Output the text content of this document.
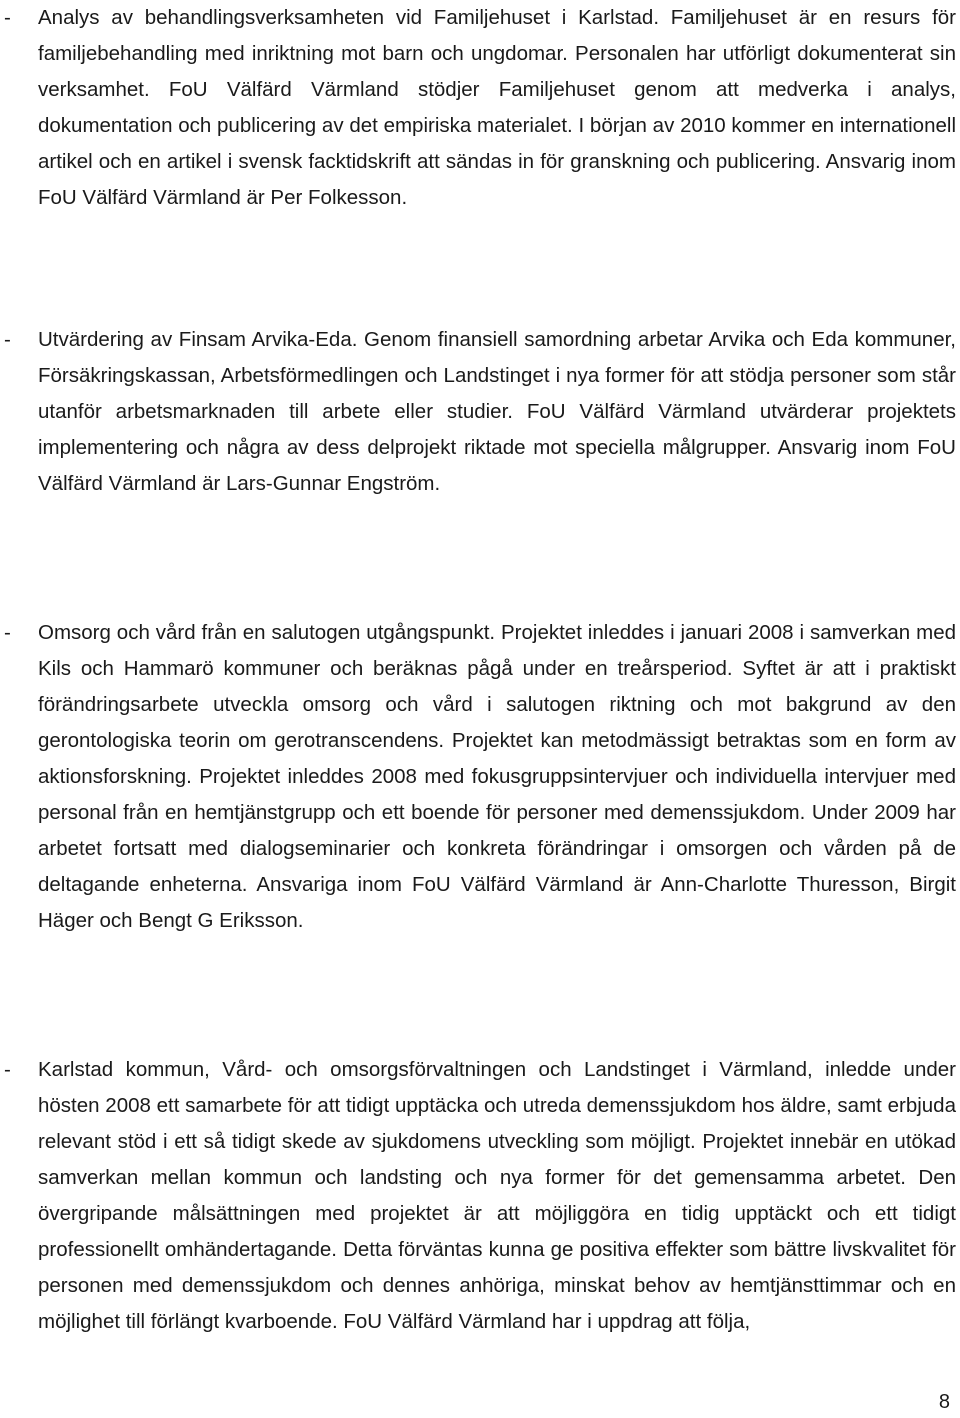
- Analys av behandlingsverksamheten vid Familjehuset i Karlstad. Familjehuset är en resurs för familjebehandling med inriktning mot barn och ungdomar. Personalen har utförligt dokumenterat sin verksamhet. FoU Välfärd Värmland stödjer Familjehuset genom att medverka i analys, dokumentation och publicering av det empiriska materialet. I början av 2010 kommer en internationell artikel och en artikel i svensk facktidskrift att sändas in för granskning och publicering. Ansvarig inom FoU Välfärd Värmland är Per Folkesson.

- Utvärdering av Finsam Arvika-Eda. Genom finansiell samordning arbetar Arvika och Eda kommuner, Försäkringskassan, Arbetsförmedlingen och Landstinget i nya former för att stödja personer som står utanför arbetsmarknaden till arbete eller studier. FoU Välfärd Värmland utvärderar projektets implementering och några av dess delprojekt riktade mot speciella målgrupper. Ansvarig inom FoU Välfärd Värmland är Lars-Gunnar Engström.

- Omsorg och vård från en salutogen utgångspunkt. Projektet inleddes i januari 2008 i samverkan med Kils och Hammarö kommuner och beräknas pågå under en treårsperiod. Syftet är att i praktiskt förändringsarbete utveckla omsorg och vård i salutogen riktning och mot bakgrund av den gerontologiska teorin om gerotranscendens. Projektet kan metodmässigt betraktas som en form av aktionsforskning. Projektet inleddes 2008 med fokusgruppsintervjuer och individuella intervjuer med personal från en hemtjänstgrupp och ett boende för personer med demenssjukdom. Under 2009 har arbetet fortsatt med dialogseminarier och konkreta förändringar i omsorgen och vården på de deltagande enheterna. Ansvariga inom FoU Välfärd Värmland är Ann-Charlotte Thuresson, Birgit Häger och Bengt G Eriksson.

- Karlstad kommun, Vård- och omsorgsförvaltningen och Landstinget i Värmland, inledde under hösten 2008 ett samarbete för att tidigt upptäcka och utreda demenssjukdom hos äldre, samt erbjuda relevant stöd i ett så tidigt skede av sjukdomens utveckling som möjligt. Projektet innebär en utökad samverkan mellan kommun och landsting och nya former för det gemensamma arbetet. Den övergripande målsättningen med projektet är att möjliggöra en tidig upptäckt och ett tidigt professionellt omhändertagande. Detta förväntas kunna ge positiva effekter som bättre livskvalitet för personen med demenssjukdom och dennes anhöriga, minskat behov av hemtjänsttimmar och en möjlighet till förlängt kvarboende. FoU Välfärd Värmland har i uppdrag att följa,

8
